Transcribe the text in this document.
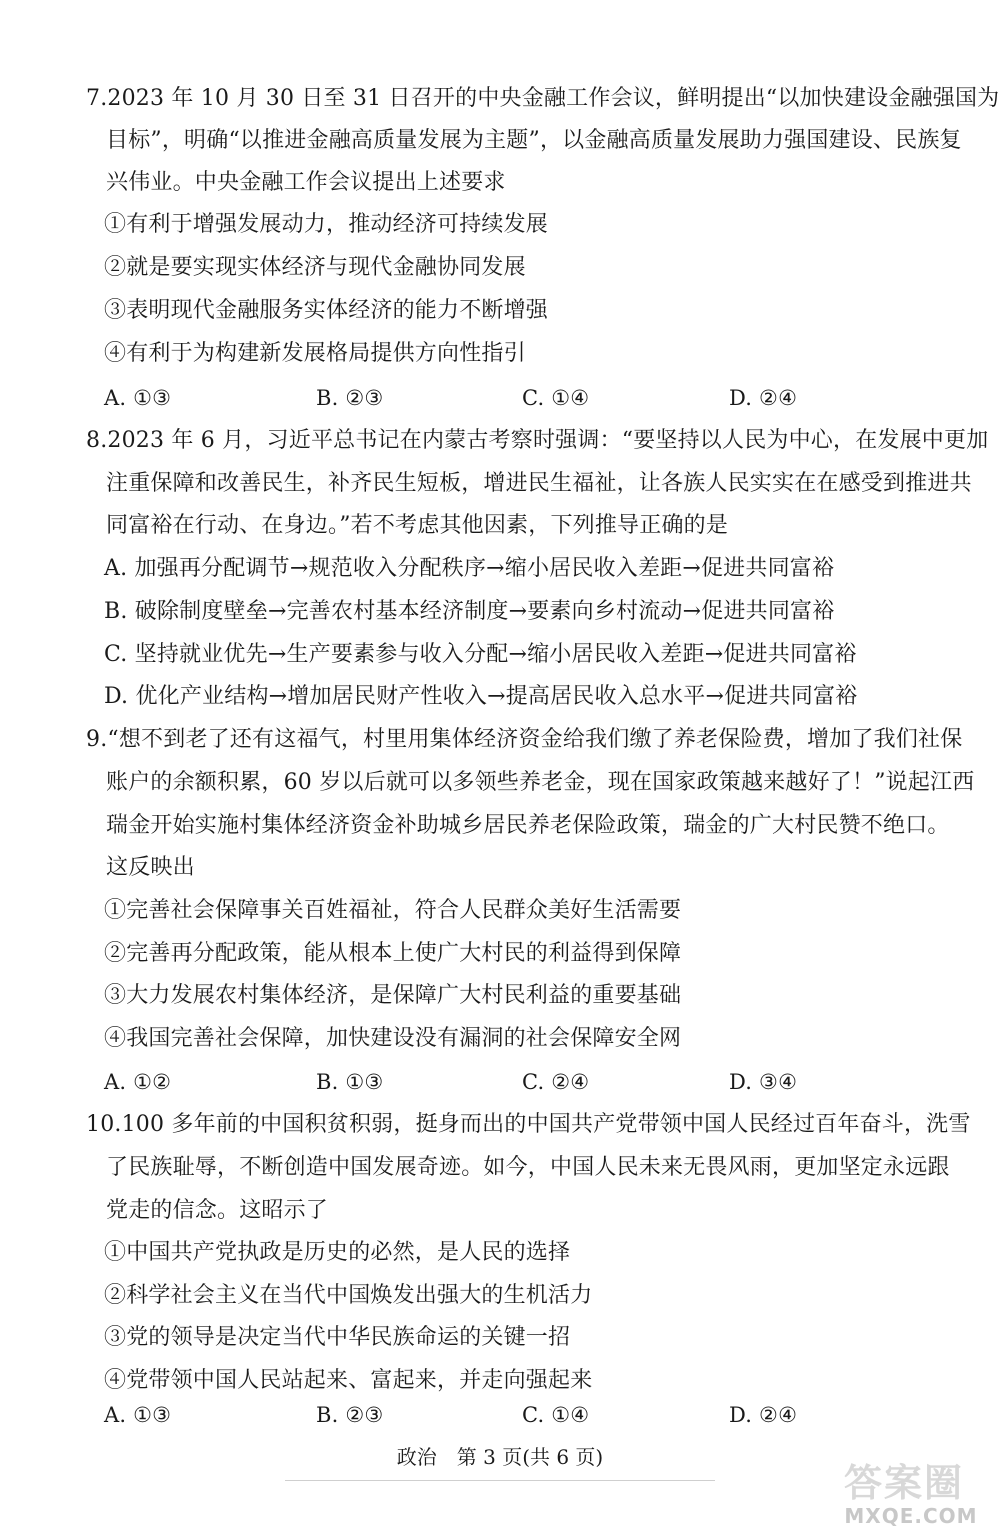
7.2023 年 10 月 30 日至 31 日召开的中央金融工作会议，鲜明提出“以加快建设金融强国为
目标”，明确“以推进金融高质量发展为主题”，以金融高质量发展助力强国建设、民族复
兴伟业。中央金融工作会议提出上述要求
①有利于增强发展动力，推动经济可持续发展
②就是要实现实体经济与现代金融协同发展
③表明现代金融服务实体经济的能力不断增强
④有利于为构建新发展格局提供方向性指引
A. ①③	B. ②③	C. ①④	D. ②④
8.2023 年 6 月，习近平总书记在内蒙古考察时强调：“要坚持以人民为中心，在发展中更加
注重保障和改善民生，补齐民生短板，增进民生福祉，让各族人民实实在在感受到推进共
同富裕在行动、在身边。”若不考虑其他因素，下列推导正确的是
A. 加强再分配调节→规范收入分配秩序→缩小居民收入差距→促进共同富裕
B. 破除制度壁垒→完善农村基本经济制度→要素向乡村流动→促进共同富裕
C. 坚持就业优先→生产要素参与收入分配→缩小居民收入差距→促进共同富裕
D. 优化产业结构→增加居民财产性收入→提高居民收入总水平→促进共同富裕
9.“想不到老了还有这福气，村里用集体经济资金给我们缴了养老保险费，增加了我们社保
账户的余额积累，60 岁以后就可以多领些养老金，现在国家政策越来越好了！”说起江西
瑞金开始实施村集体经济资金补助城乡居民养老保险政策，瑞金的广大村民赞不绝口。
这反映出
①完善社会保障事关百姓福祉，符合人民群众美好生活需要
②完善再分配政策，能从根本上使广大村民的利益得到保障
③大力发展农村集体经济，是保障广大村民利益的重要基础
④我国完善社会保障，加快建设没有漏洞的社会保障安全网
A. ①②	B. ①③	C. ②④	D. ③④
10.100 多年前的中国积贫积弱，挺身而出的中国共产党带领中国人民经过百年奋斗，洗雪
了民族耻辱，不断创造中国发展奇迹。如今，中国人民未来无畏风雨，更加坚定永远跟
党走的信念。这昭示了
①中国共产党执政是历史的必然，是人民的选择
②科学社会主义在当代中国焕发出强大的生机活力
③党的领导是决定当代中华民族命运的关键一招
④党带领中国人民站起来、富起来，并走向强起来
A. ①③	B. ②③	C. ①④	D. ②④
政治　第 3 页(共 6 页)
答案圈
MXQE.COM
